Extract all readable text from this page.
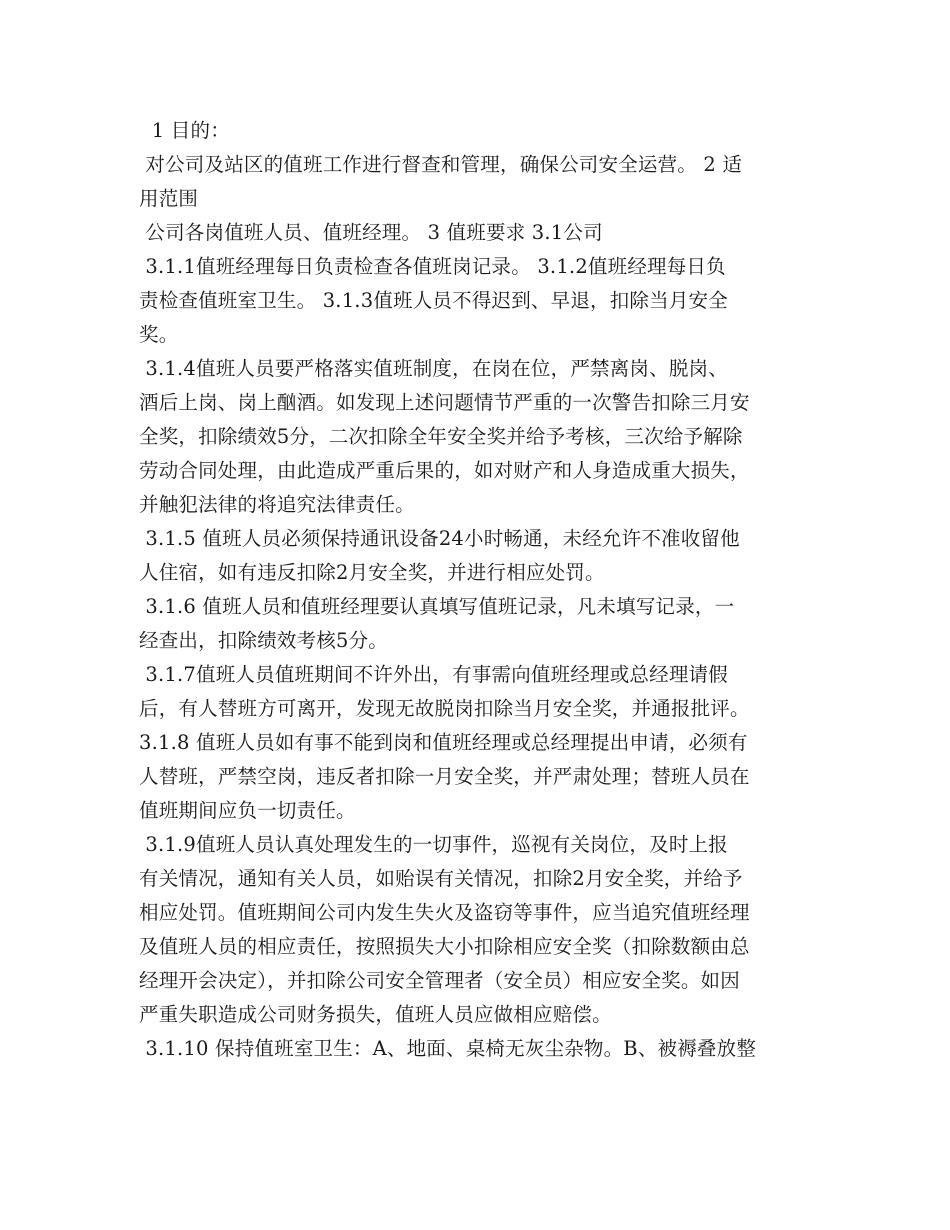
1 目的：
对公司及站区的值班工作进行督查和管理，确保公司安全运营。 2 适
用范围
公司各岗值班人员、值班经理。 3 值班要求 3.1公司
3.1.1值班经理每日负责检查各值班岗记录。 3.1.2值班经理每日负
责检查值班室卫生。 3.1.3值班人员不得迟到、早退，扣除当月安全
奖。
3.1.4值班人员要严格落实值班制度，在岗在位，严禁离岗、脱岗、
酒后上岗、岗上酗酒。如发现上述问题情节严重的一次警告扣除三月安
全奖，扣除绩效5分，二次扣除全年安全奖并给予考核，三次给予解除
劳动合同处理，由此造成严重后果的，如对财产和人身造成重大损失，
并触犯法律的将追究法律责任。
3.1.5 值班人员必须保持通讯设备24小时畅通，未经允许不准收留他
人住宿，如有违反扣除2月安全奖，并进行相应处罚。
3.1.6 值班人员和值班经理要认真填写值班记录，凡未填写记录，一
经查出，扣除绩效考核5分。
3.1.7值班人员值班期间不许外出，有事需向值班经理或总经理请假
后，有人替班方可离开，发现无故脱岗扣除当月安全奖，并通报批评。
3.1.8 值班人员如有事不能到岗和值班经理或总经理提出申请，必须有
人替班，严禁空岗，违反者扣除一月安全奖，并严肃处理；替班人员在
值班期间应负一切责任。
3.1.9值班人员认真处理发生的一切事件，巡视有关岗位，及时上报
有关情况，通知有关人员，如贻误有关情况，扣除2月安全奖，并给予
相应处罚。值班期间公司内发生失火及盗窃等事件，应当追究值班经理
及值班人员的相应责任，按照损失大小扣除相应安全奖（扣除数额由总
经理开会决定），并扣除公司安全管理者（安全员）相应安全奖。如因
严重失职造成公司财务损失，值班人员应做相应赔偿。
3.1.10 保持值班室卫生：A、地面、桌椅无灰尘杂物。B、被褥叠放整
